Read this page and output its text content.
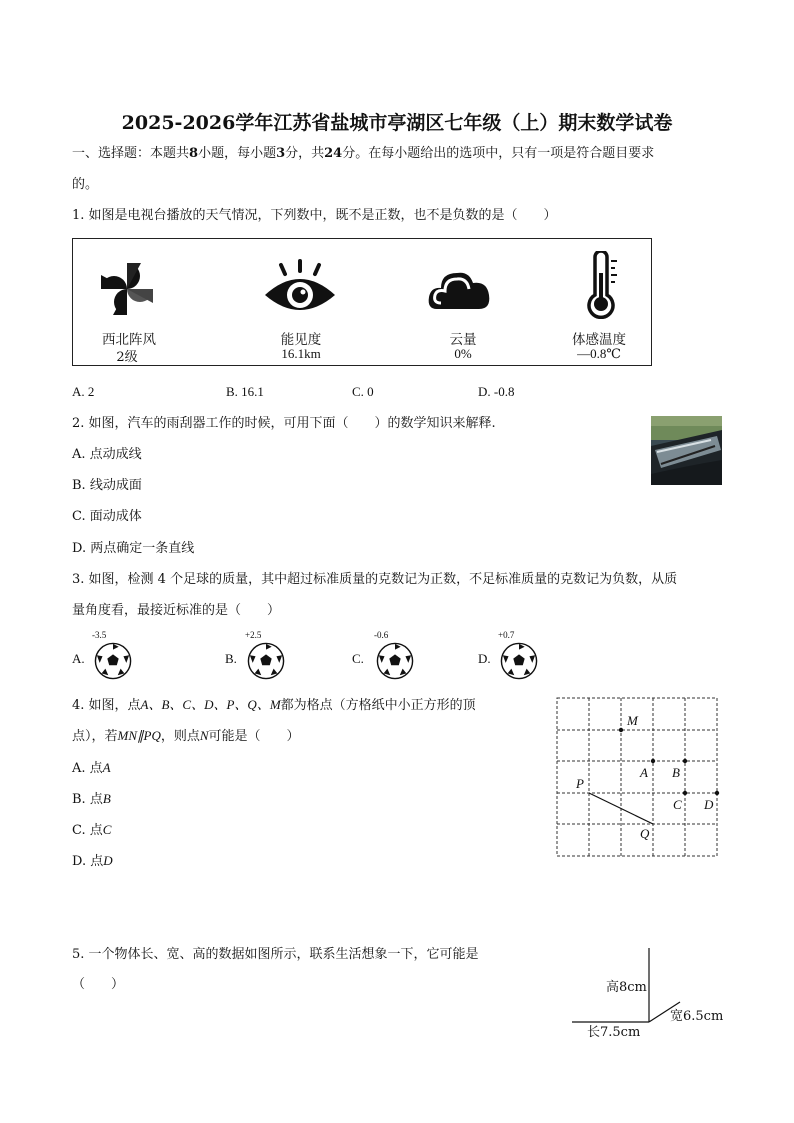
2025-2026学年江苏省盐城市亭湖区七年级（上）期末数学试卷
一、选择题：本题共8小题，每小题3分，共24分。在每小题给出的选项中，只有一项是符合题目要求
的。
1. 如图是电视台播放的天气情况，下列数中，既不是正数，也不是负数的是（　　）
西北阵风
2级
能见度
16.1km
云量
0%
体感温度
—0.8℃
A. 2	B. 16.1	C. 0	D. -0.8
2. 如图，汽车的雨刮器工作的时候，可用下面（　　）的数学知识来解释.
A. 点动成线
B. 线动成面
C. 面动成体
D. 两点确定一条直线
3. 如图，检测 4 个足球的质量，其中超过标准质量的克数记为正数，不足标准质量的克数记为负数，从质
量角度看，最接近标准的是（　　）
-3.5
A.
+2.5
B.
-0.6
C.
+0.7
D.
4. 如图，点A、B、C、D、P、Q、M都为格点（方格纸中小正方形的顶
点），若MN∥PQ，则点N可能是（　　）
A. 点A
B. 点B
C. 点C
D. 点D
M
A B
P
C D
Q
5. 一个物体长、宽、高的数据如图所示，联系生活想象一下，它可能是
（　　）	高8cm
宽6.5cm
长7.5cm
